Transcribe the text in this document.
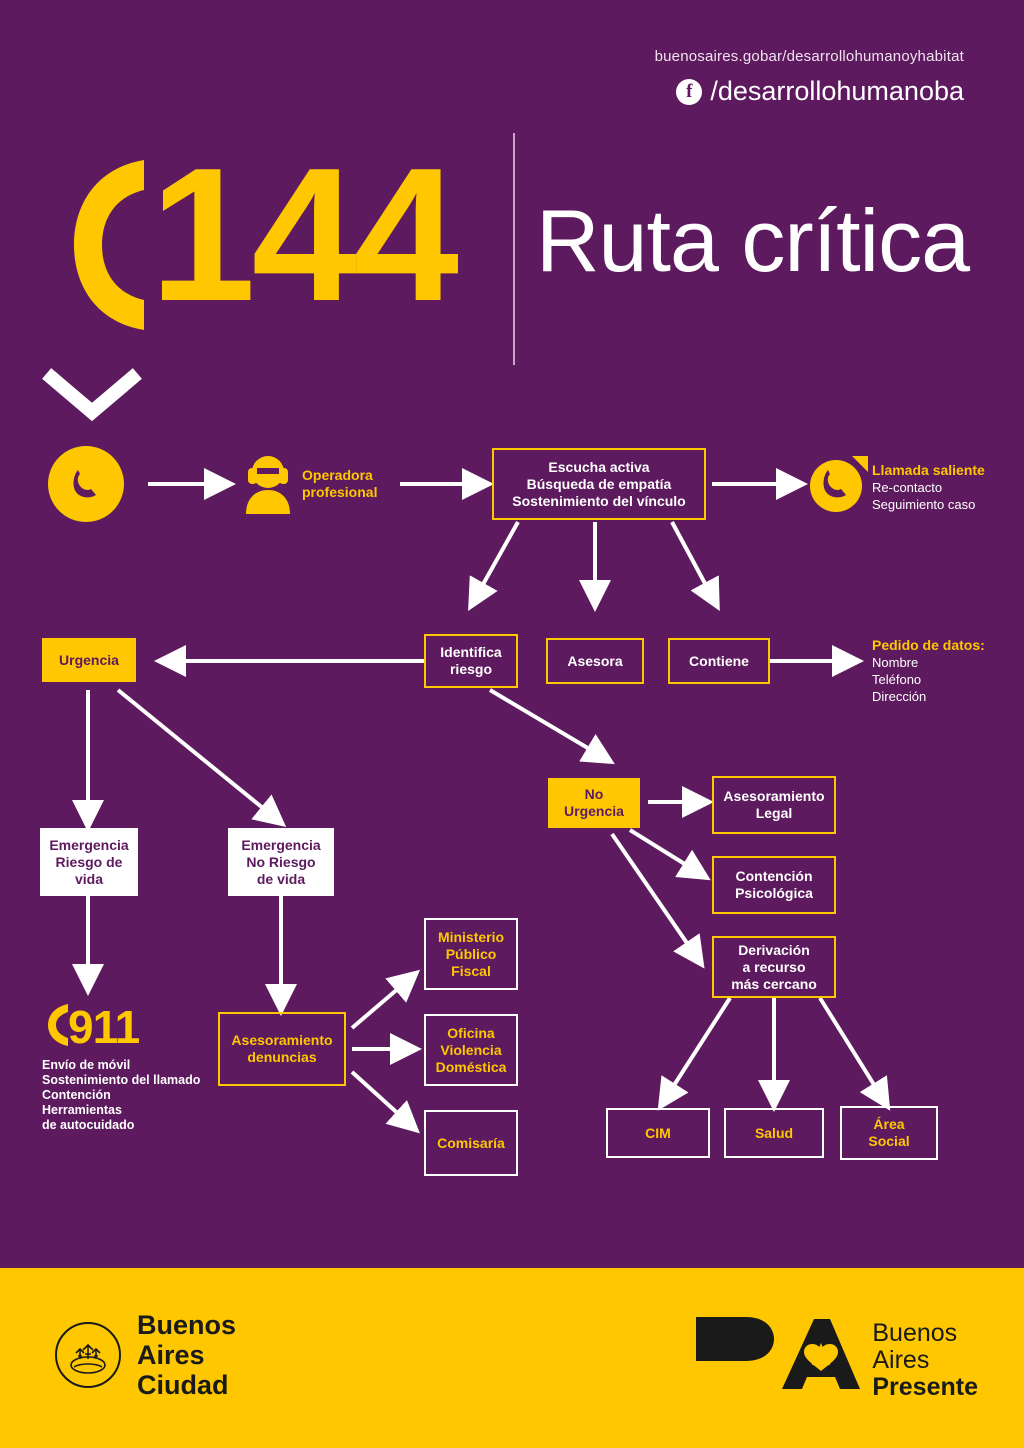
buenosaires.gobar/desarrollohumanoyhabitat
f /desarrollohumanoba
144 Ruta crítica
Operadora
profesional
Escucha activa
Búsqueda de empatía
Sostenimiento del vínculo
Llamada saliente
Re-contacto
Seguimiento caso
Identifica
riesgo
Asesora	Contiene
Pedido de datos:
Nombre
Teléfono
Dirección
Urgencia
No
Urgencia
Emergencia
Riesgo de
vida
Emergencia
No Riesgo
de vida
911
Envío de móvil
Sostenimiento del llamado
Contención
Herramientas
de autocuidado
Asesoramiento
denuncias
Ministerio
Público
Fiscal
Oficina
Violencia
Doméstica
Comisaría
Asesoramiento
Legal
Contención
Psicológica
Derivación
a recurso
más cercano
CIM	Salud
Área
Social
Buenos
Aires
Ciudad
Buenos
Aires
Presente
